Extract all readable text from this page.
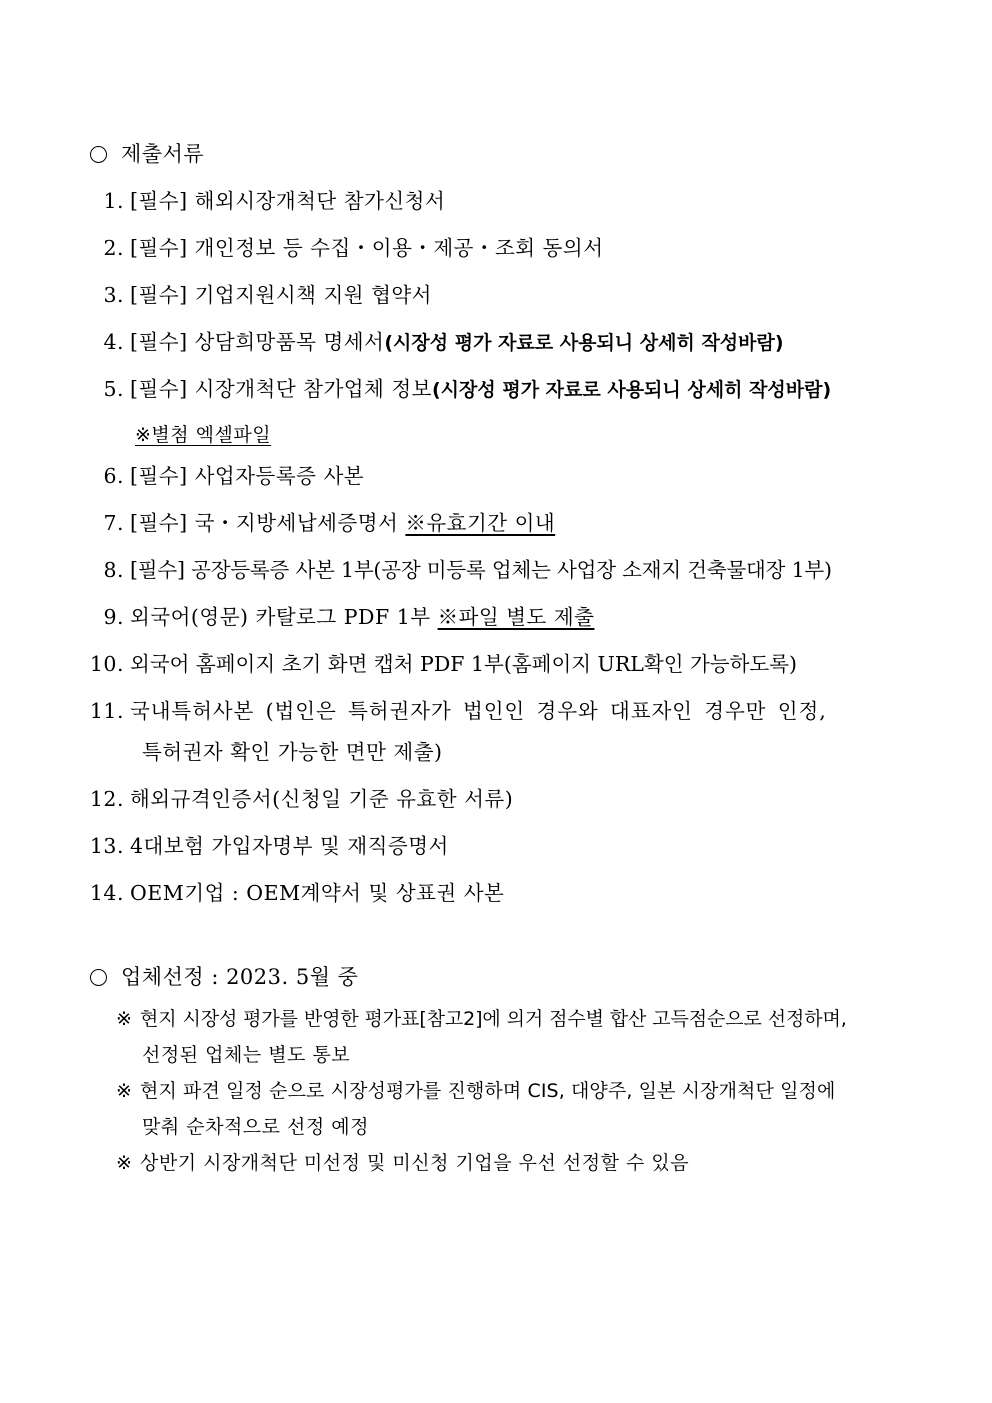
제출서류
1. [필수] 해외시장개척단 참가신청서
2. [필수] 개인정보 등 수집・이용・제공・조회 동의서
3. [필수] 기업지원시책 지원 협약서
4. [필수] 상담희망품목 명세서(시장성 평가 자료로 사용되니 상세히 작성바람)
5. [필수] 시장개척단 참가업체 정보(시장성 평가 자료로 사용되니 상세히 작성바람)
※별첨 엑셀파일
6. [필수] 사업자등록증 사본
7. [필수] 국・지방세납세증명서 ※유효기간 이내
8. [필수] 공장등록증 사본 1부(공장 미등록 업체는 사업장 소재지 건축물대장 1부)
9. 외국어(영문) 카탈로그 PDF 1부 ※파일 별도 제출
10. 외국어 홈페이지 초기 화면 캡처 PDF 1부(홈페이지 URL확인 가능하도록)
11. 국내특허사본 (법인은 특허권자가 법인인 경우와 대표자인 경우만 인정,
특허권자 확인 가능한 면만 제출)
12. 해외규격인증서(신청일 기준 유효한 서류)
13. 4대보험 가입자명부 및 재직증명서
14. OEM기업 : OEM계약서 및 상표권 사본
업체선정 : 2023. 5월 중
※ 현지 시장성 평가를 반영한 평가표[참고2]에 의거 점수별 합산 고득점순으로 선정하며,
선정된 업체는 별도 통보
※ 현지 파견 일정 순으로 시장성평가를 진행하며 CIS, 대양주, 일본 시장개척단 일정에
맞춰 순차적으로 선정 예정
※ 상반기 시장개척단 미선정 및 미신청 기업을 우선 선정할 수 있음
